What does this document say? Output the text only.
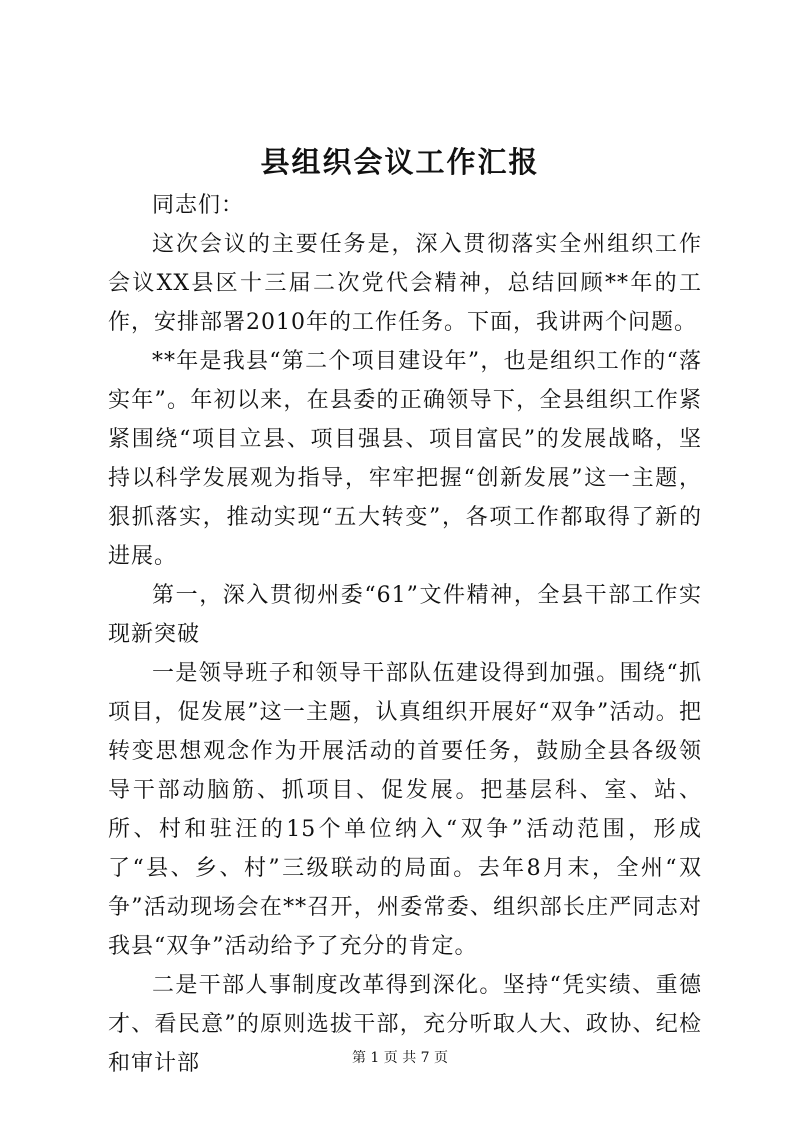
县组织会议工作汇报

同志们：

这次会议的主要任务是，深入贯彻落实全州组织工作会议XX县区十三届二次党代会精神，总结回顾**年的工作，安排部署2010年的工作任务。下面，我讲两个问题。

**年是我县“第二个项目建设年”，也是组织工作的“落实年”。年初以来，在县委的正确领导下，全县组织工作紧紧围绕“项目立县、项目强县、项目富民”的发展战略，坚持以科学发展观为指导，牢牢把握“创新发展”这一主题，狠抓落实，推动实现“五大转变”，各项工作都取得了新的进展。

第一，深入贯彻州委“61”文件精神，全县干部工作实现新突破

一是领导班子和领导干部队伍建设得到加强。围绕“抓项目，促发展”这一主题，认真组织开展好“双争”活动。把转变思想观念作为开展活动的首要任务，鼓励全县各级领导干部动脑筋、抓项目、促发展。把基层科、室、站、所、村和驻汪的15个单位纳入“双争”活动范围，形成了“县、乡、村”三级联动的局面。去年8月末，全州“双争”活动现场会在**召开，州委常委、组织部长庄严同志对我县“双争”活动给予了充分的肯定。

二是干部人事制度改革得到深化。坚持“凭实绩、重德才、看民意”的原则选拔干部，充分听取人大、政协、纪检和审计部	第 1 页 共 7 页
